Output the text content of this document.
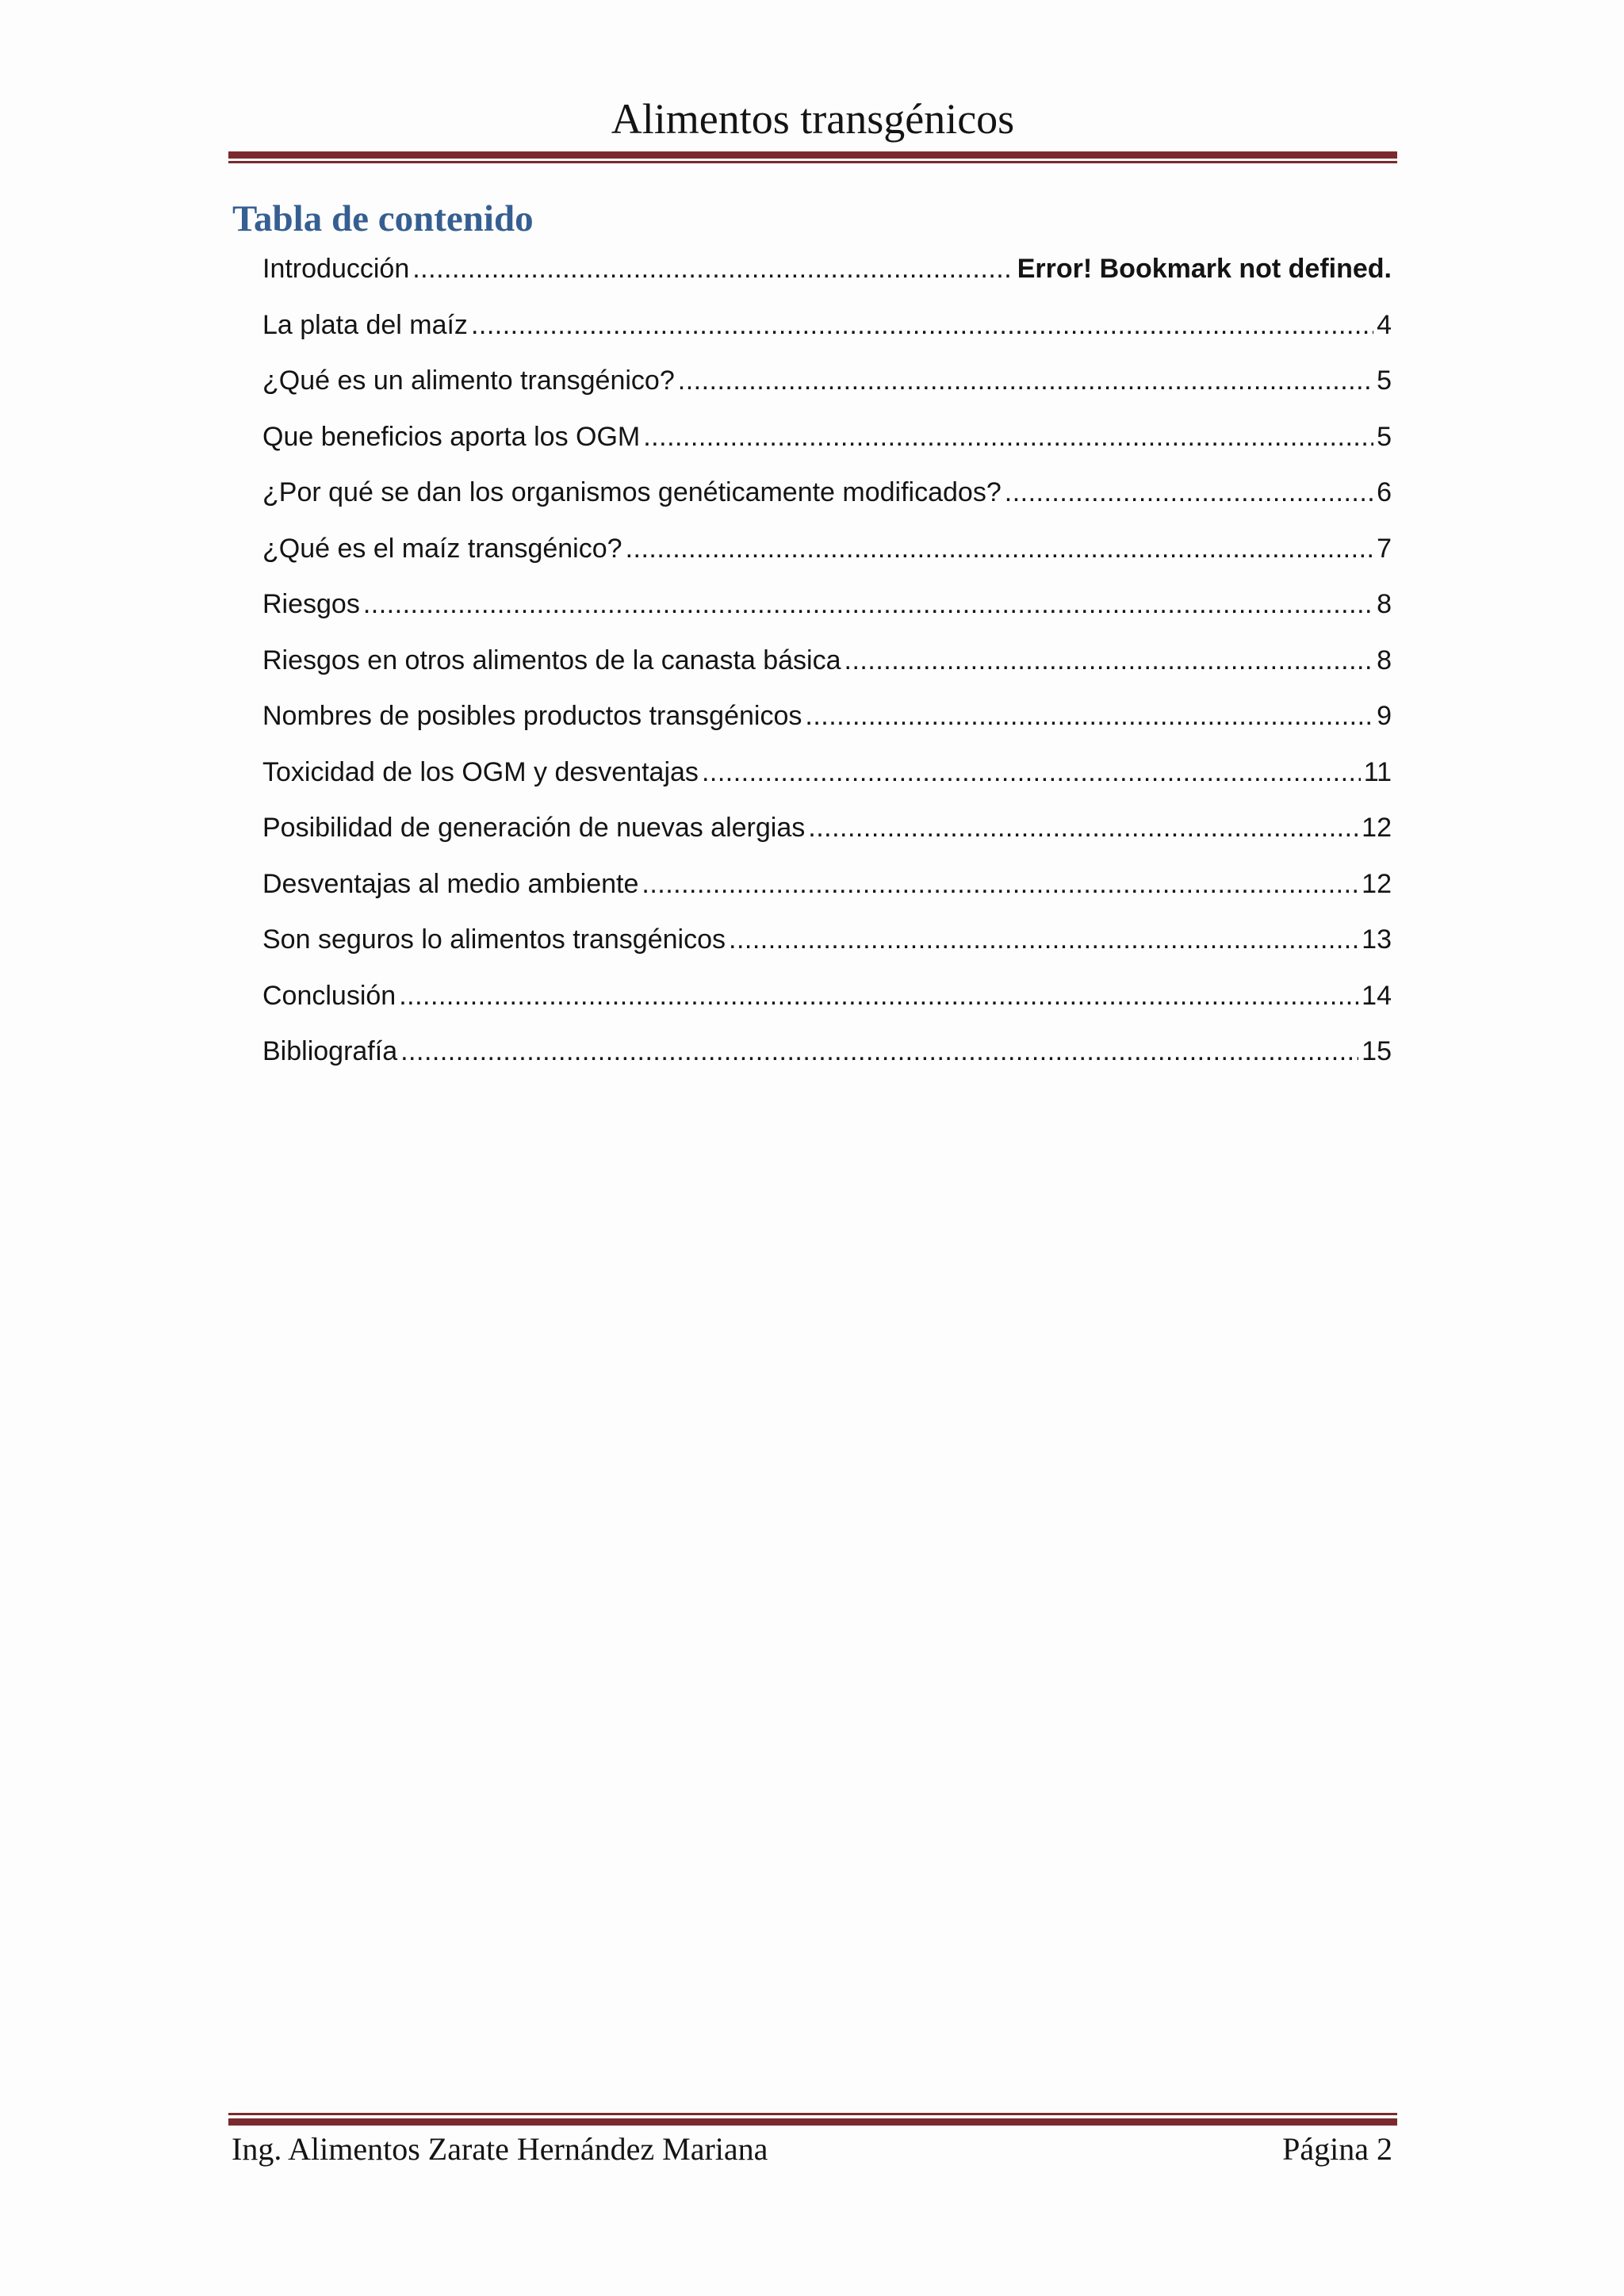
Alimentos transgénicos
Tabla de contenido
Introducción .....	Error! Bookmark not defined.
La plata del maíz .....	4
¿Qué es un alimento transgénico? .....	5
Que beneficios aporta los OGM .....	5
¿Por qué se dan los organismos genéticamente modificados? .....	6
¿Qué es el maíz transgénico? .....	7
Riesgos .....	8
Riesgos en otros alimentos de la canasta básica .....	8
Nombres de posibles productos transgénicos .....	9
Toxicidad de los OGM y desventajas .....	11
Posibilidad de generación de nuevas alergias .....	12
Desventajas al medio ambiente .....	12
Son seguros lo alimentos transgénicos .....	13
Conclusión .....	14
Bibliografía .....	15
Ing. Alimentos Zarate Hernández Mariana	Página 2
